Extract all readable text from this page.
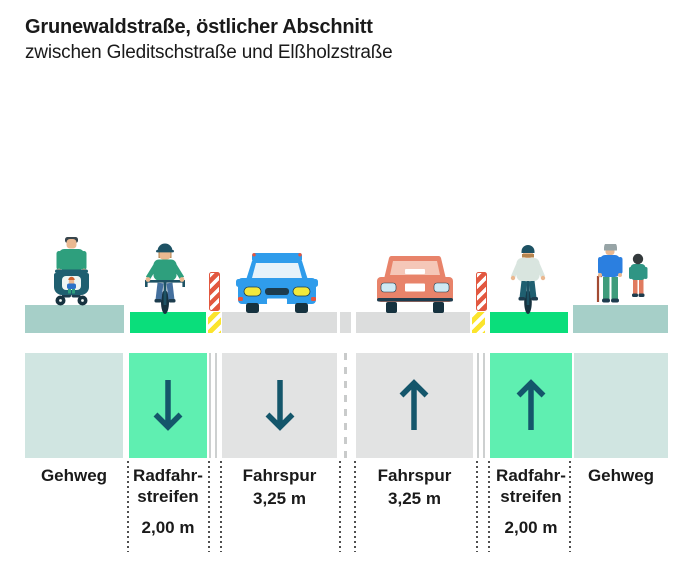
Grunewaldstraße, östlicher Abschnitt
zwischen Gleditschstraße und Elßholzstraße
Gehweg	Radfahr-
streifen
2,00 m
Fahrspur
3,25 m
Fahrspur
3,25 m
Radfahr-
streifen
2,00 m
Gehweg
